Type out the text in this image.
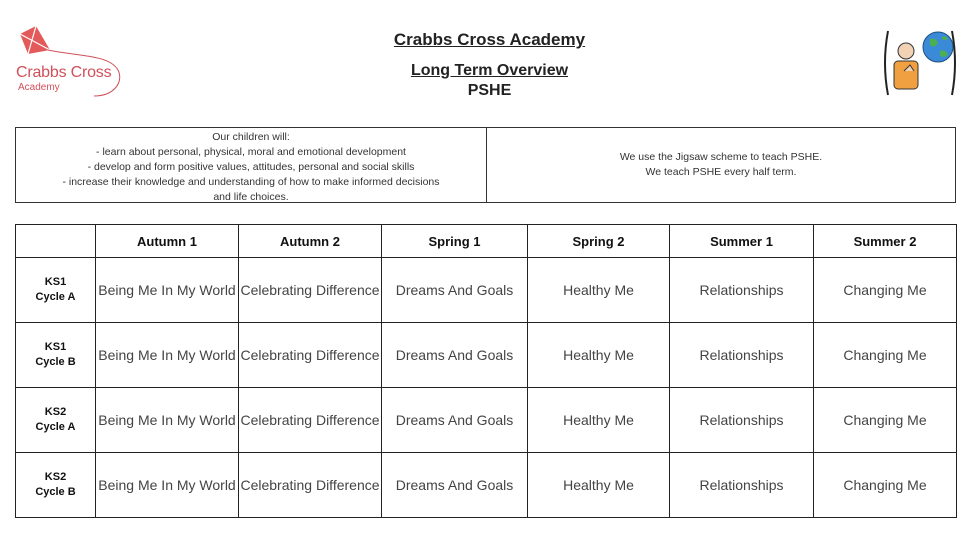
Crabbs Cross
Academy
Crabbs Cross Academy
Long Term Overview
PSHE
Our children will:
- learn about personal, physical, moral and emotional development
- develop and form positive values, attitudes, personal and social skills
- increase their knowledge and understanding of how to make informed decisions
and life choices.
We use the Jigsaw scheme to teach PSHE.
We teach PSHE every half term.
	Autumn 1	Autumn 2	Spring 1	Spring 2	Summer 1	Summer 2

KS1
Cycle A	Being Me In My World	Celebrating Difference	Dreams And Goals	Healthy Me	Relationships	Changing Me

KS1
Cycle B	Being Me In My World	Celebrating Difference	Dreams And Goals	Healthy Me	Relationships	Changing Me

KS2
Cycle A	Being Me In My World	Celebrating Difference	Dreams And Goals	Healthy Me	Relationships	Changing Me

KS2
Cycle B	Being Me In My World	Celebrating Difference	Dreams And Goals	Healthy Me	Relationships	Changing Me
